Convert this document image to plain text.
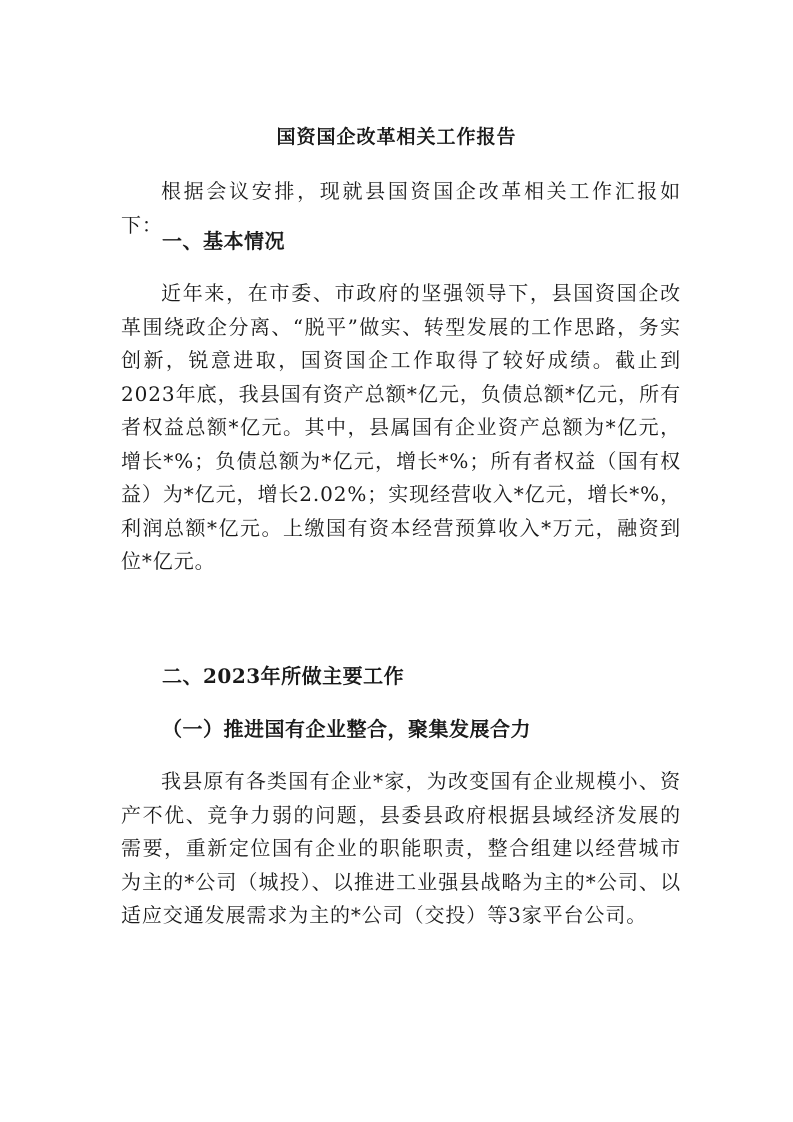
国资国企改革相关工作报告
根据会议安排，现就县国资国企改革相关工作汇报如下：
一、基本情况
近年来，在市委、市政府的坚强领导下，县国资国企改革围绕政企分离、“脱平”做实、转型发展的工作思路，务实创新，锐意进取，国资国企工作取得了较好成绩。截止到2023年底，我县国有资产总额*亿元，负债总额*亿元，所有者权益总额*亿元。其中，县属国有企业资产总额为*亿元，增长*%；负债总额为*亿元，增长*%；所有者权益（国有权益）为*亿元，增长2.02%；实现经营收入*亿元，增长*%，利润总额*亿元。上缴国有资本经营预算收入*万元，融资到位*亿元。
二、2023年所做主要工作
（一）推进国有企业整合，聚集发展合力
我县原有各类国有企业*家，为改变国有企业规模小、资产不优、竞争力弱的问题，县委县政府根据县域经济发展的需要，重新定位国有企业的职能职责，整合组建以经营城市为主的*公司（城投）、以推进工业强县战略为主的*公司、以适应交通发展需求为主的*公司（交投）等3家平台公司。
